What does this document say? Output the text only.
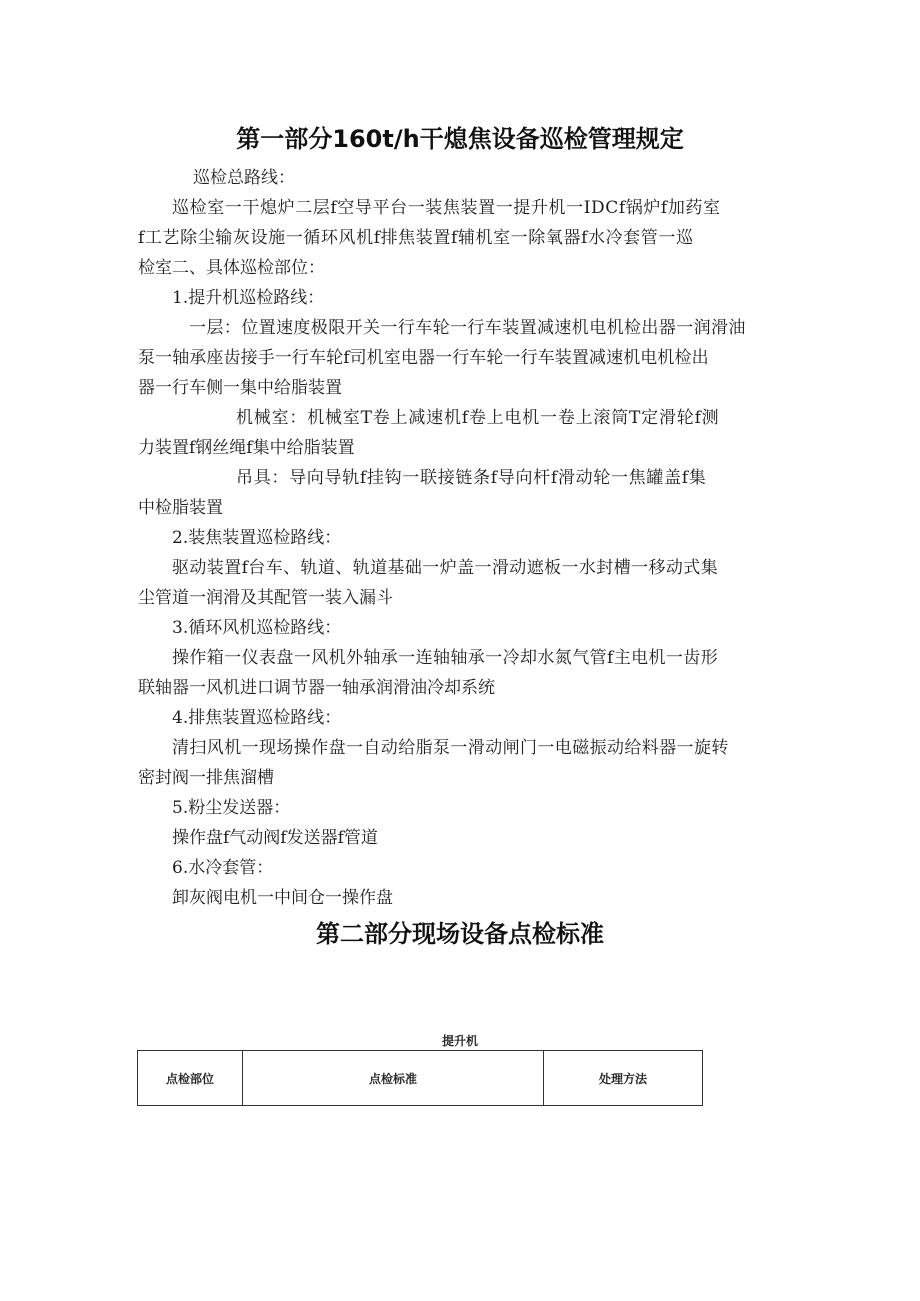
第一部分160t/h干熄焦设备巡检管理规定
巡检总路线：
巡检室一干熄炉二层f空导平台一装焦装置一提升机一IDCf锅炉f加药室
f工艺除尘输灰设施一循环风机f排焦装置f辅机室一除氧器f水冷套管一巡
检室二、具体巡检部位：
1.提升机巡检路线：
一层：位置速度极限开关一行车轮一行车装置减速机电机检出器一润滑油
泵一轴承座齿接手一行车轮f司机室电器一行车轮一行车装置减速机电机检出
器一行车侧一集中给脂装置
机械室：机械室T卷上减速机f卷上电机一卷上滚筒T定滑轮f测
力装置f钢丝绳f集中给脂装置
吊具：导向导轨f挂钩一联接链条f导向杆f滑动轮一焦罐盖f集
中检脂装置
2.装焦装置巡检路线：
驱动装置f台车、轨道、轨道基础一炉盖一滑动遮板一水封槽一移动式集
尘管道一润滑及其配管一装入漏斗
3.循环风机巡检路线：
操作箱一仪表盘一风机外轴承一连轴轴承一冷却水氮气管f主电机一齿形
联轴器一风机进口调节器一轴承润滑油冷却系统
4.排焦装置巡检路线：
清扫风机一现场操作盘一自动给脂泵一滑动闸门一电磁振动给料器一旋转
密封阀一排焦溜槽
5.粉尘发送器：
操作盘f气动阀f发送器f管道
6.水冷套管：
卸灰阀电机一中间仓一操作盘
第二部分现场设备点检标准
提升机
点检部位	点检标准	处理方法
